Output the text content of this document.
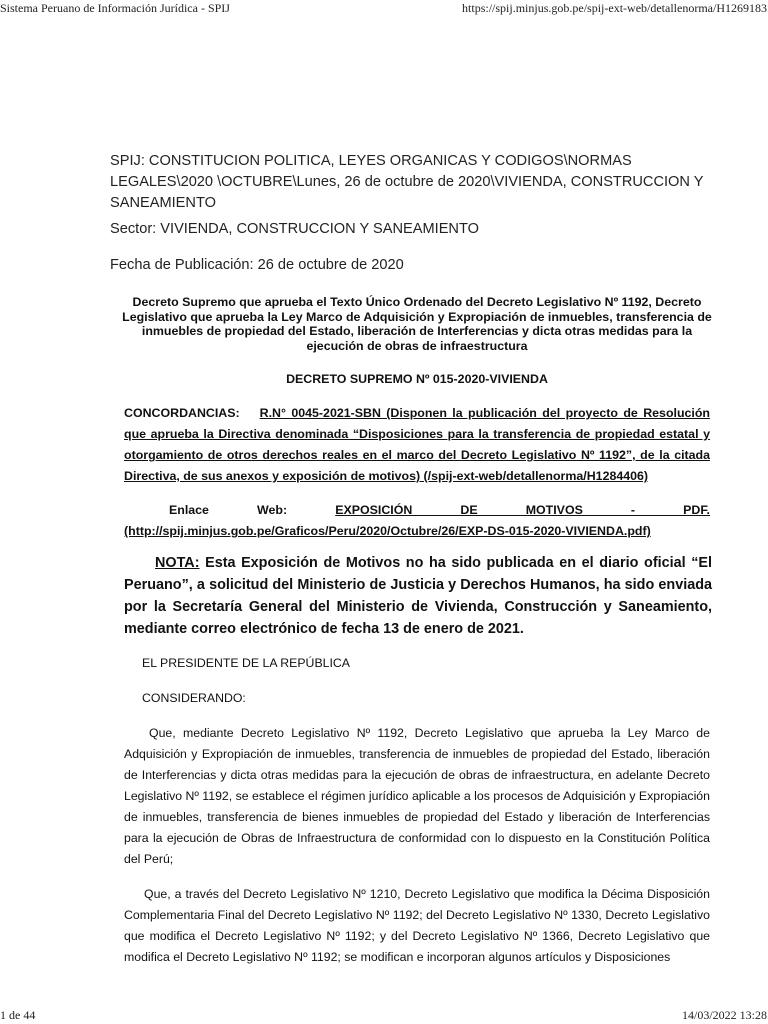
Sistema Peruano de Información Jurídica - SPIJ	https://spij.minjus.gob.pe/spij-ext-web/detallenorma/H1269183
SPIJ: CONSTITUCION POLITICA, LEYES ORGANICAS Y CODIGOS\NORMAS LEGALES\2020 \OCTUBRE\Lunes, 26 de octubre de 2020\VIVIENDA, CONSTRUCCION Y SANEAMIENTO
Sector: VIVIENDA, CONSTRUCCION Y SANEAMIENTO
Fecha de Publicación: 26 de octubre de 2020
Decreto Supremo que aprueba el Texto Único Ordenado del Decreto Legislativo Nº 1192, Decreto Legislativo que aprueba la Ley Marco de Adquisición y Expropiación de inmuebles, transferencia de inmuebles de propiedad del Estado, liberación de Interferencias y dicta otras medidas para la ejecución de obras de infraestructura
DECRETO SUPREMO Nº 015-2020-VIVIENDA
CONCORDANCIAS: R.N° 0045-2021-SBN (Disponen la publicación del proyecto de Resolución que aprueba la Directiva denominada “Disposiciones para la transferencia de propiedad estatal y otorgamiento de otros derechos reales en el marco del Decreto Legislativo Nº 1192”, de la citada Directiva, de sus anexos y exposición de motivos) (/spij-ext-web/detallenorma/H1284406)
Enlace Web:	EXPOSICIÓN DE MOTIVOS - PDF. (http://spij.minjus.gob.pe/Graficos/Peru/2020/Octubre/26/EXP-DS-015-2020-VIVIENDA.pdf)
NOTA: Esta Exposición de Motivos no ha sido publicada en el diario oficial “El Peruano”, a solicitud del Ministerio de Justicia y Derechos Humanos, ha sido enviada por la Secretaría General del Ministerio de Vivienda, Construcción y Saneamiento, mediante correo electrónico de fecha 13 de enero de 2021.
EL PRESIDENTE DE LA REPÚBLICA
CONSIDERANDO:
Que, mediante Decreto Legislativo Nº 1192, Decreto Legislativo que aprueba la Ley Marco de Adquisición y Expropiación de inmuebles, transferencia de inmuebles de propiedad del Estado, liberación de Interferencias y dicta otras medidas para la ejecución de obras de infraestructura, en adelante Decreto Legislativo Nº 1192, se establece el régimen jurídico aplicable a los procesos de Adquisición y Expropiación de inmuebles, transferencia de bienes inmuebles de propiedad del Estado y liberación de Interferencias para la ejecución de Obras de Infraestructura de conformidad con lo dispuesto en la Constitución Política del Perú;
Que, a través del Decreto Legislativo Nº 1210, Decreto Legislativo que modifica la Décima Disposición Complementaria Final del Decreto Legislativo Nº 1192; del Decreto Legislativo Nº 1330, Decreto Legislativo que modifica el Decreto Legislativo Nº 1192; y del Decreto Legislativo Nº 1366, Decreto Legislativo que modifica el Decreto Legislativo Nº 1192; se modifican e incorporan algunos artículos y Disposiciones
1 de 44	14/03/2022 13:28
